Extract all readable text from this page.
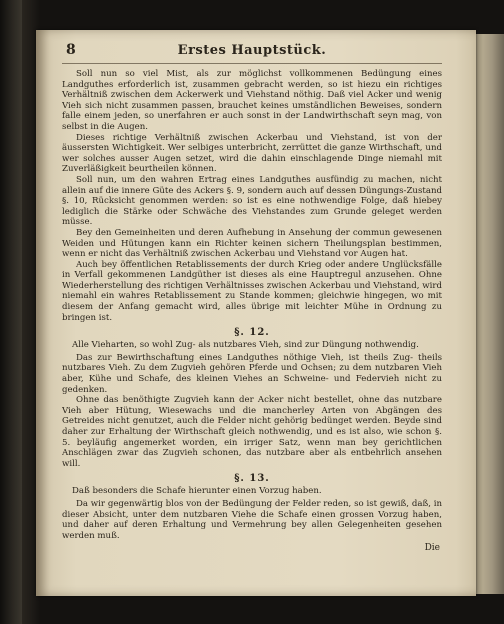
8	Erstes Hauptstück.

Soll nun so viel Mist, als zur möglichst vollkommenen Bedüngung eines Landguthes erforderlich ist, zusammen gebracht werden, so ist hiezu ein richtiges Verhältniß zwischen dem Ackerwerk und Viehstand nöthig. Daß viel Acker und wenig Vieh sich nicht zusammen passen, brauchet keines umständlichen Beweises, sondern falle einem jeden, so unerfahren er auch sonst in der Landwirthschaft seyn mag, von selbst in die Augen.

Dieses richtige Verhältniß zwischen Ackerbau und Viehstand, ist von der äussersten Wichtigkeit. Wer selbiges unterbricht, zerrüttet die ganze Wirthschaft, und wer solches ausser Augen setzet, wird die dahin einschlagende Dinge niemahl mit Zuverläßigkeit beurtheilen können.

Soll nun, um den wahren Ertrag eines Landguthes ausfündig zu machen, nicht allein auf die innere Güte des Ackers §. 9, sondern auch auf dessen Düngungs-Zustand §. 10, Rücksicht genommen werden: so ist es eine nothwendige Folge, daß hiebey lediglich die Stärke oder Schwäche des Viehstandes zum Grunde geleget werden müsse.

Bey den Gemeinheiten und deren Aufhebung in Ansehung der commun gewesenen Weiden und Hütungen kann ein Richter keinen sichern Theilungsplan bestimmen, wenn er nicht das Verhältniß zwischen Ackerbau und Viehstand vor Augen hat.

Auch bey öffentlichen Retablissements der durch Krieg oder andere Unglücksfälle in Verfall gekommenen Landgüther ist dieses als eine Hauptregul anzusehen. Ohne Wiederherstellung des richtigen Verhältnisses zwischen Ackerbau und Viehstand, wird niemahl ein wahres Retablissement zu Stande kommen; gleichwie hingegen, wo mit diesem der Anfang gemacht wird, alles übrige mit leichter Mühe in Ordnung zu bringen ist.

§. 12.

Alle Vieharten, so wohl Zug- als nutzbares Vieh, sind zur Düngung nothwendig.

Das zur Bewirthschaftung eines Landguthes nöthige Vieh, ist theils Zug- theils nutzbares Vieh. Zu dem Zugvieh gehören Pferde und Ochsen; zu dem nutzbaren Vieh aber, Kühe und Schafe, des kleinen Viehes an Schweine- und Federvieh nicht zu gedenken.

Ohne das benöthigte Zugvieh kann der Acker nicht bestellet, ohne das nutzbare Vieh aber Hütung, Wiesewachs und die mancherley Arten von Abgängen des Getreides nicht genutzet, auch die Felder nicht gehörig bedünget werden. Beyde sind daher zur Erhaltung der Wirthschaft gleich nothwendig, und es ist also, wie schon §. 5. beyläufig angemerket worden, ein irriger Satz, wenn man bey gerichtlichen Anschlägen zwar das Zugvieh schonen, das nutzbare aber als entbehrlich ansehen will.

§. 13.

Daß besonders die Schafe hierunter einen Vorzug haben.

Da wir gegenwärtig blos von der Bedüngung der Felder reden, so ist gewiß, daß, in dieser Absicht, unter dem nutzbaren Viehe die Schafe einen grossen Vorzug haben, und daher auf deren Erhaltung und Vermehrung bey allen Gelegenheiten gesehen werden muß.

Die
